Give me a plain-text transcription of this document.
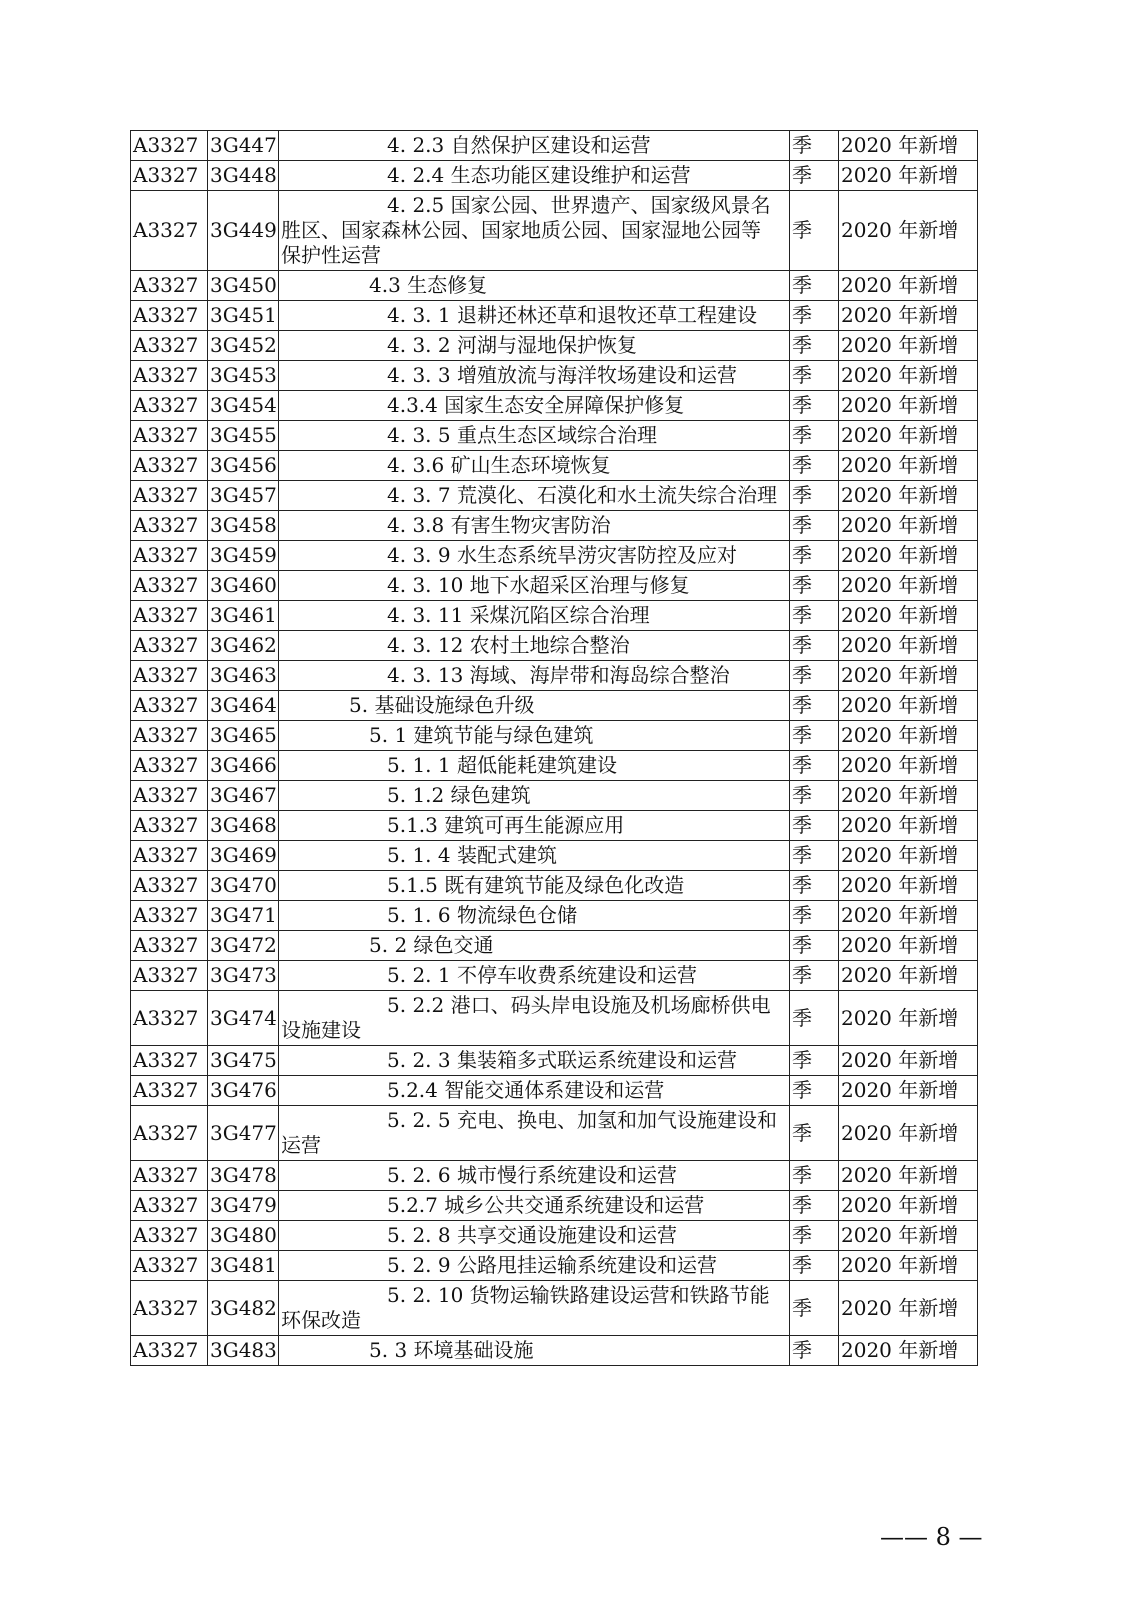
A3327	3G447	4. 2.3 自然保护区建设和运营	季	2020 年新增
A3327	3G448	4. 2.4 生态功能区建设维护和运营	季	2020 年新增
A3327	3G449	4. 2.5 国家公园、世界遗产、国家级风景名 胜区、国家森林公园、国家地质公园、国家湿地公园等 保护性运营	季	2020 年新增
A3327	3G450	4.3 生态修复	季	2020 年新增
A3327	3G451	4. 3. 1 退耕还林还草和退牧还草工程建设	季	2020 年新增
A3327	3G452	4. 3. 2 河湖与湿地保护恢复	季	2020 年新增
A3327	3G453	4. 3. 3 增殖放流与海洋牧场建设和运营	季	2020 年新增
A3327	3G454	4.3.4 国家生态安全屏障保护修复	季	2020 年新增
A3327	3G455	4. 3. 5 重点生态区域综合治理	季	2020 年新增
A3327	3G456	4. 3.6 矿山生态环境恢复	季	2020 年新增
A3327	3G457	4. 3. 7 荒漠化、石漠化和水土流失综合治理	季	2020 年新增
A3327	3G458	4. 3.8 有害生物灾害防治	季	2020 年新增
A3327	3G459	4. 3. 9 水生态系统旱涝灾害防控及应对	季	2020 年新增
A3327	3G460	4. 3. 10 地下水超采区治理与修复	季	2020 年新增
A3327	3G461	4. 3. 11 采煤沉陷区综合治理	季	2020 年新增
A3327	3G462	4. 3. 12 农村土地综合整治	季	2020 年新增
A3327	3G463	4. 3. 13 海域、海岸带和海岛综合整治	季	2020 年新增
A3327	3G464	5. 基础设施绿色升级	季	2020 年新增
A3327	3G465	5. 1 建筑节能与绿色建筑	季	2020 年新增
A3327	3G466	5. 1. 1 超低能耗建筑建设	季	2020 年新增
A3327	3G467	5. 1.2 绿色建筑	季	2020 年新增
A3327	3G468	5.1.3 建筑可再生能源应用	季	2020 年新增
A3327	3G469	5. 1. 4 装配式建筑	季	2020 年新增
A3327	3G470	5.1.5 既有建筑节能及绿色化改造	季	2020 年新增
A3327	3G471	5. 1. 6 物流绿色仓储	季	2020 年新增
A3327	3G472	5. 2 绿色交通	季	2020 年新增
A3327	3G473	5. 2. 1 不停车收费系统建设和运营	季	2020 年新增
A3327	3G474	5. 2.2 港口、码头岸电设施及机场廊桥供电设施建设	季	2020 年新增
A3327	3G475	5. 2. 3 集装箱多式联运系统建设和运营	季	2020 年新增
A3327	3G476	5.2.4 智能交通体系建设和运营	季	2020 年新增
A3327	3G477	5. 2. 5 充电、换电、加氢和加气设施建设和运营	季	2020 年新增
A3327	3G478	5. 2. 6 城市慢行系统建设和运营	季	2020 年新增
A3327	3G479	5.2.7 城乡公共交通系统建设和运营	季	2020 年新增
A3327	3G480	5. 2. 8 共享交通设施建设和运营	季	2020 年新增
A3327	3G481	5. 2. 9 公路甩挂运输系统建设和运营	季	2020 年新增
A3327	3G482	5. 2. 10 货物运输铁路建设运营和铁路节能环保改造	季	2020 年新增
A3327	3G483	5. 3 环境基础设施	季	2020 年新增
—— 8 —
